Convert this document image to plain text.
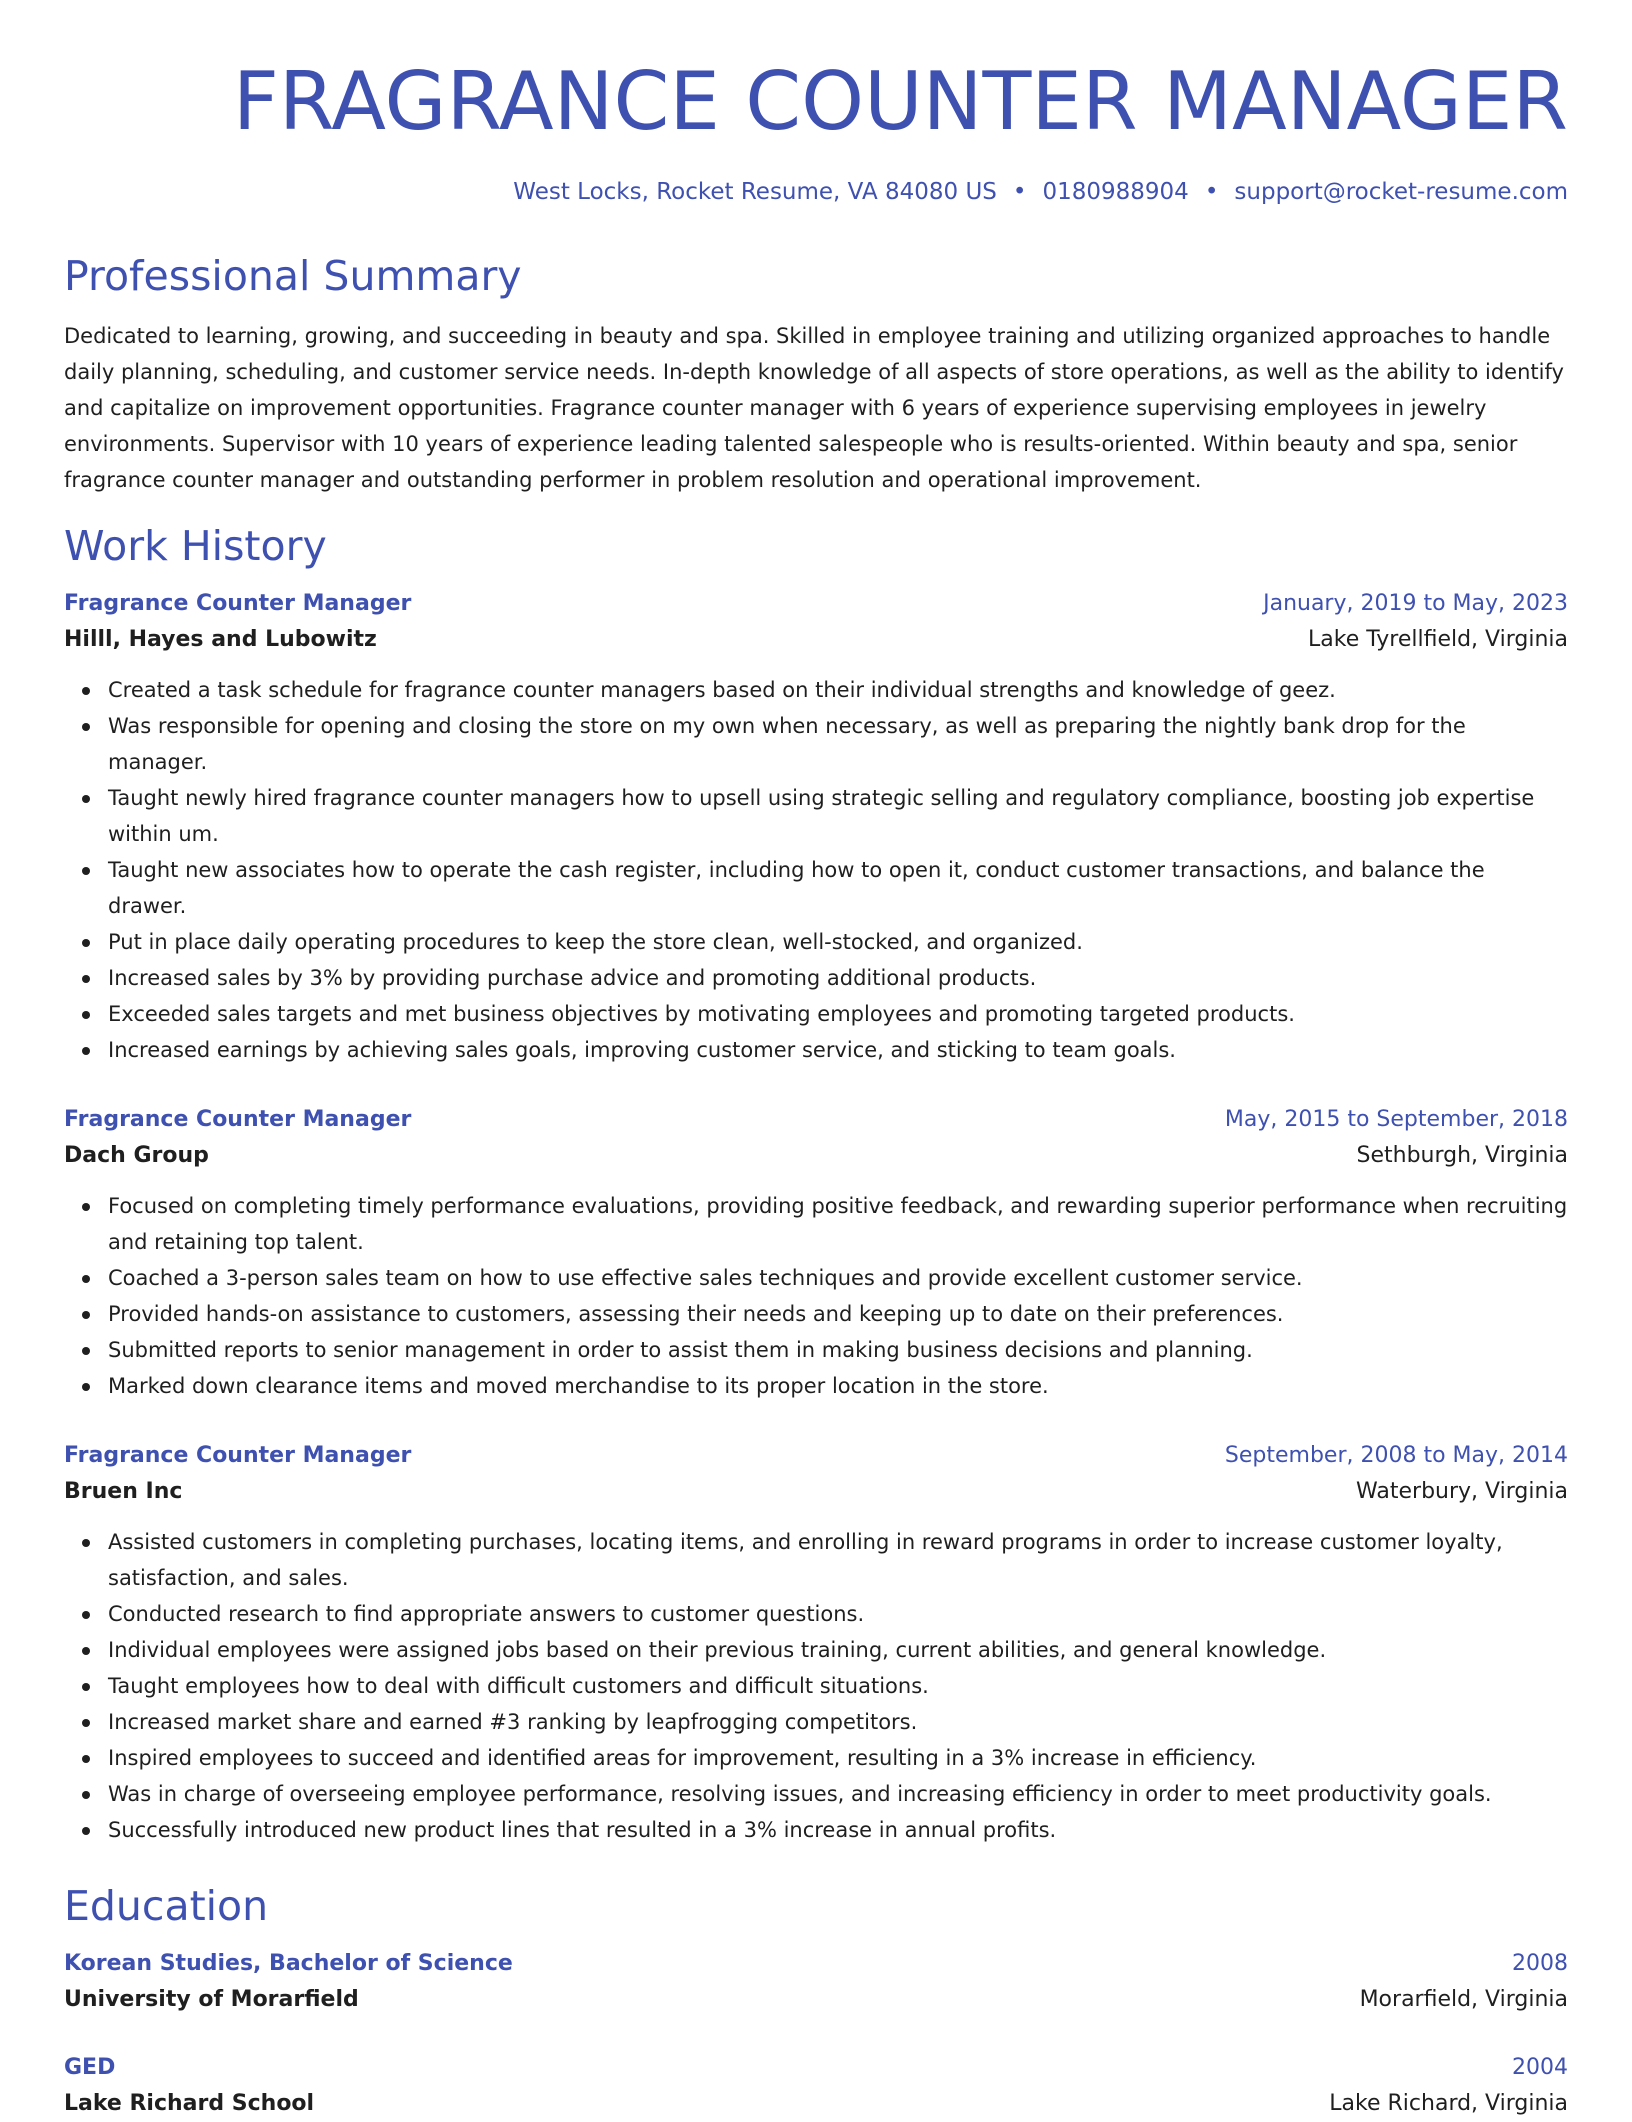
FRAGRANCE COUNTER MANAGER
West Locks, Rocket Resume, VA 84080 US • 0180988904 • support@rocket-resume.com
Professional Summary
Dedicated to learning, growing, and succeeding in beauty and spa. Skilled in employee training and utilizing organized approaches to handle daily planning, scheduling, and customer service needs. In-depth knowledge of all aspects of store operations, as well as the ability to identify and capitalize on improvement opportunities. Fragrance counter manager with 6 years of experience supervising employees in jewelry environments. Supervisor with 10 years of experience leading talented salespeople who is results-oriented. Within beauty and spa, senior fragrance counter manager and outstanding performer in problem resolution and operational improvement.
Work History
Fragrance Counter Manager	January, 2019 to May, 2023
Hilll, Hayes and Lubowitz	Lake Tyrellfield, Virginia
Created a task schedule for fragrance counter managers based on their individual strengths and knowledge of geez.
Was responsible for opening and closing the store on my own when necessary, as well as preparing the nightly bank drop for the manager.
Taught newly hired fragrance counter managers how to upsell using strategic selling and regulatory compliance, boosting job expertise within um.
Taught new associates how to operate the cash register, including how to open it, conduct customer transactions, and balance the drawer.
Put in place daily operating procedures to keep the store clean, well-stocked, and organized.
Increased sales by 3% by providing purchase advice and promoting additional products.
Exceeded sales targets and met business objectives by motivating employees and promoting targeted products.
Increased earnings by achieving sales goals, improving customer service, and sticking to team goals.
Fragrance Counter Manager	May, 2015 to September, 2018
Dach Group	Sethburgh, Virginia
Focused on completing timely performance evaluations, providing positive feedback, and rewarding superior performance when recruiting and retaining top talent.
Coached a 3-person sales team on how to use effective sales techniques and provide excellent customer service.
Provided hands-on assistance to customers, assessing their needs and keeping up to date on their preferences.
Submitted reports to senior management in order to assist them in making business decisions and planning.
Marked down clearance items and moved merchandise to its proper location in the store.
Fragrance Counter Manager	September, 2008 to May, 2014
Bruen Inc	Waterbury, Virginia
Assisted customers in completing purchases, locating items, and enrolling in reward programs in order to increase customer loyalty, satisfaction, and sales.
Conducted research to find appropriate answers to customer questions.
Individual employees were assigned jobs based on their previous training, current abilities, and general knowledge.
Taught employees how to deal with difficult customers and difficult situations.
Increased market share and earned #3 ranking by leapfrogging competitors.
Inspired employees to succeed and identified areas for improvement, resulting in a 3% increase in efficiency.
Was in charge of overseeing employee performance, resolving issues, and increasing efficiency in order to meet productivity goals.
Successfully introduced new product lines that resulted in a 3% increase in annual profits.
Education
Korean Studies, Bachelor of Science	2008
University of Morarfield	Morarfield, Virginia
GED	2004
Lake Richard School	Lake Richard, Virginia
